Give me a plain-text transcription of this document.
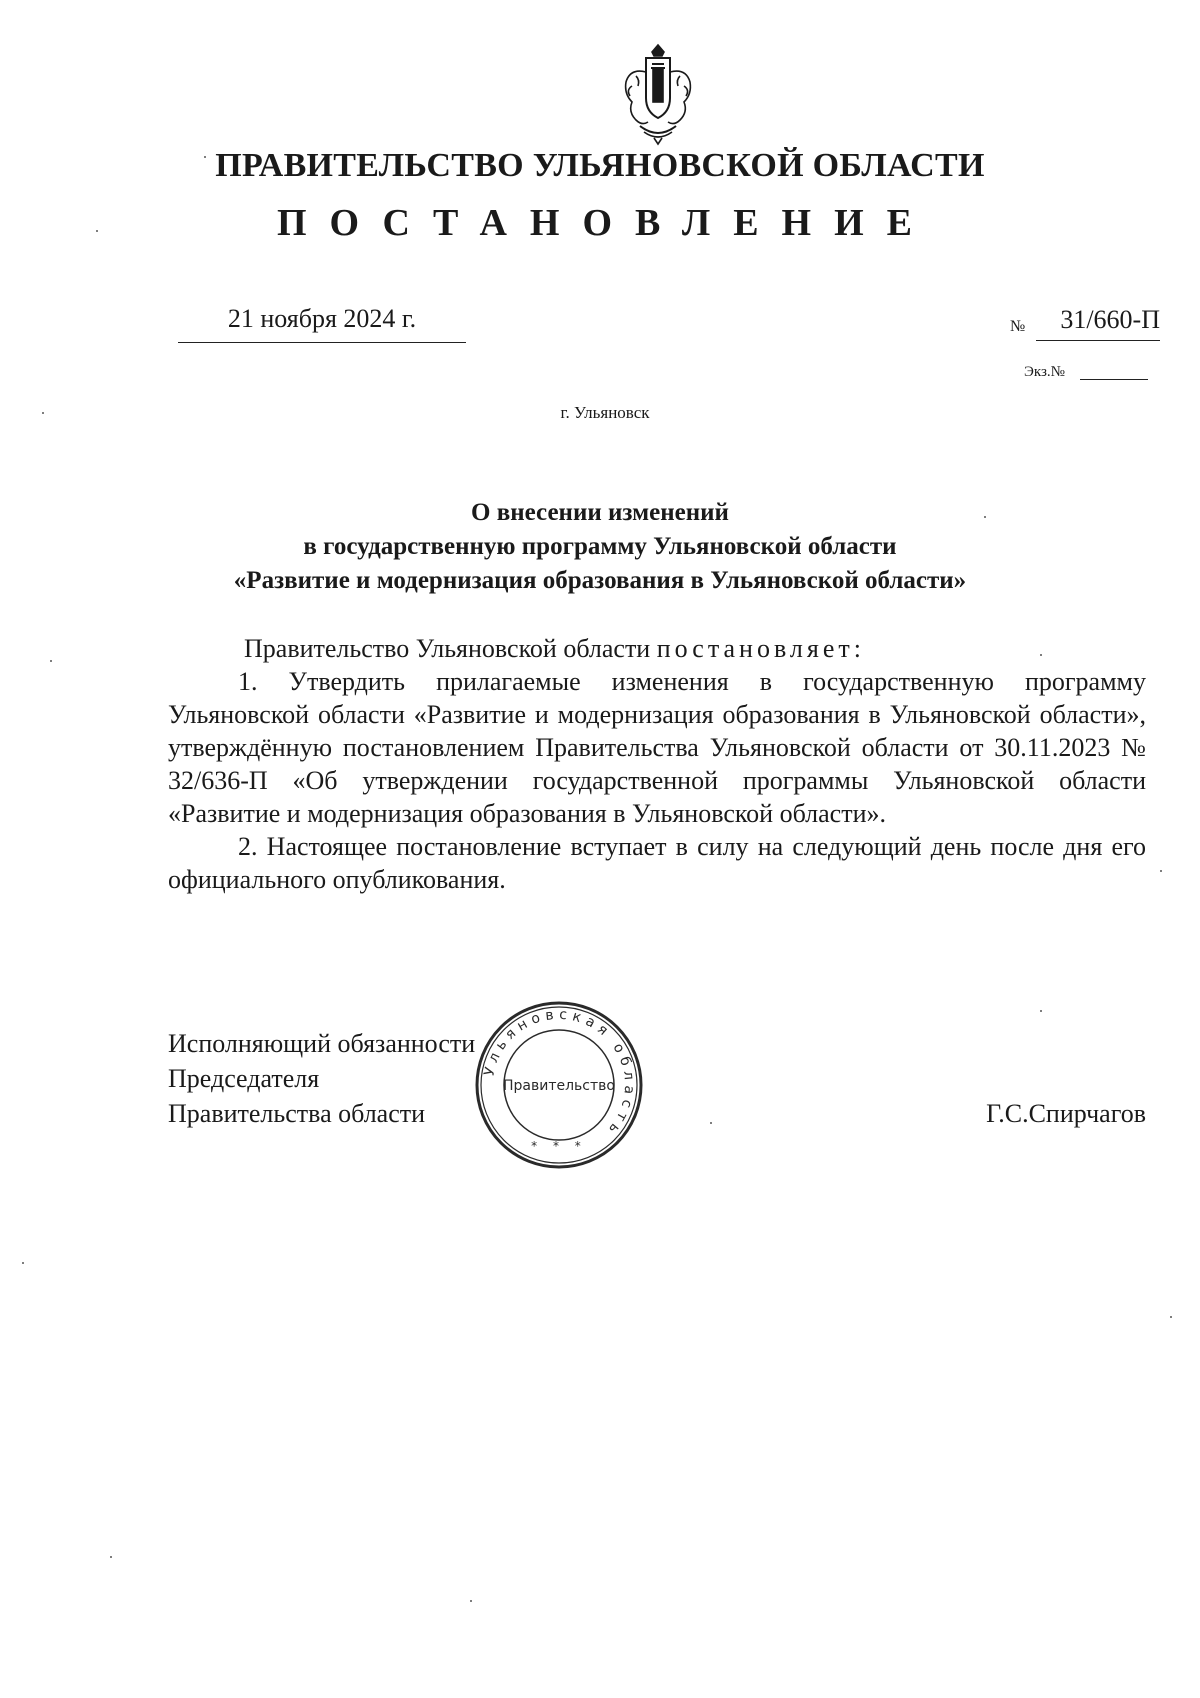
ПРАВИТЕЛЬСТВО УЛЬЯНОВСКОЙ ОБЛАСТИ
ПОСТАНОВЛЕНИЕ
21 ноября 2024 г.	№	31/660-П
Экз.№
г. Ульяновск
О внесении изменений
в государственную программу Ульяновской области
«Развитие и модернизация образования в Ульяновской области»

Правительство Ульяновской области постановляет:

1. Утвердить прилагаемые изменения в государственную программу Ульяновской области «Развитие и модернизация образования в Ульяновской области», утверждённую постановлением Правительства Ульяновской области от 30.11.2023 № 32/636-П «Об утверждении государственной программы Ульяновской области «Развитие и модернизация образования в Ульяновской области».

2. Настоящее постановление вступает в силу на следующий день после дня его официального опубликования.

Исполняющий обязанности
Председателя
Правительства области
Ульяновская область
Правительство
* * *
Г.С.Спирчагов
